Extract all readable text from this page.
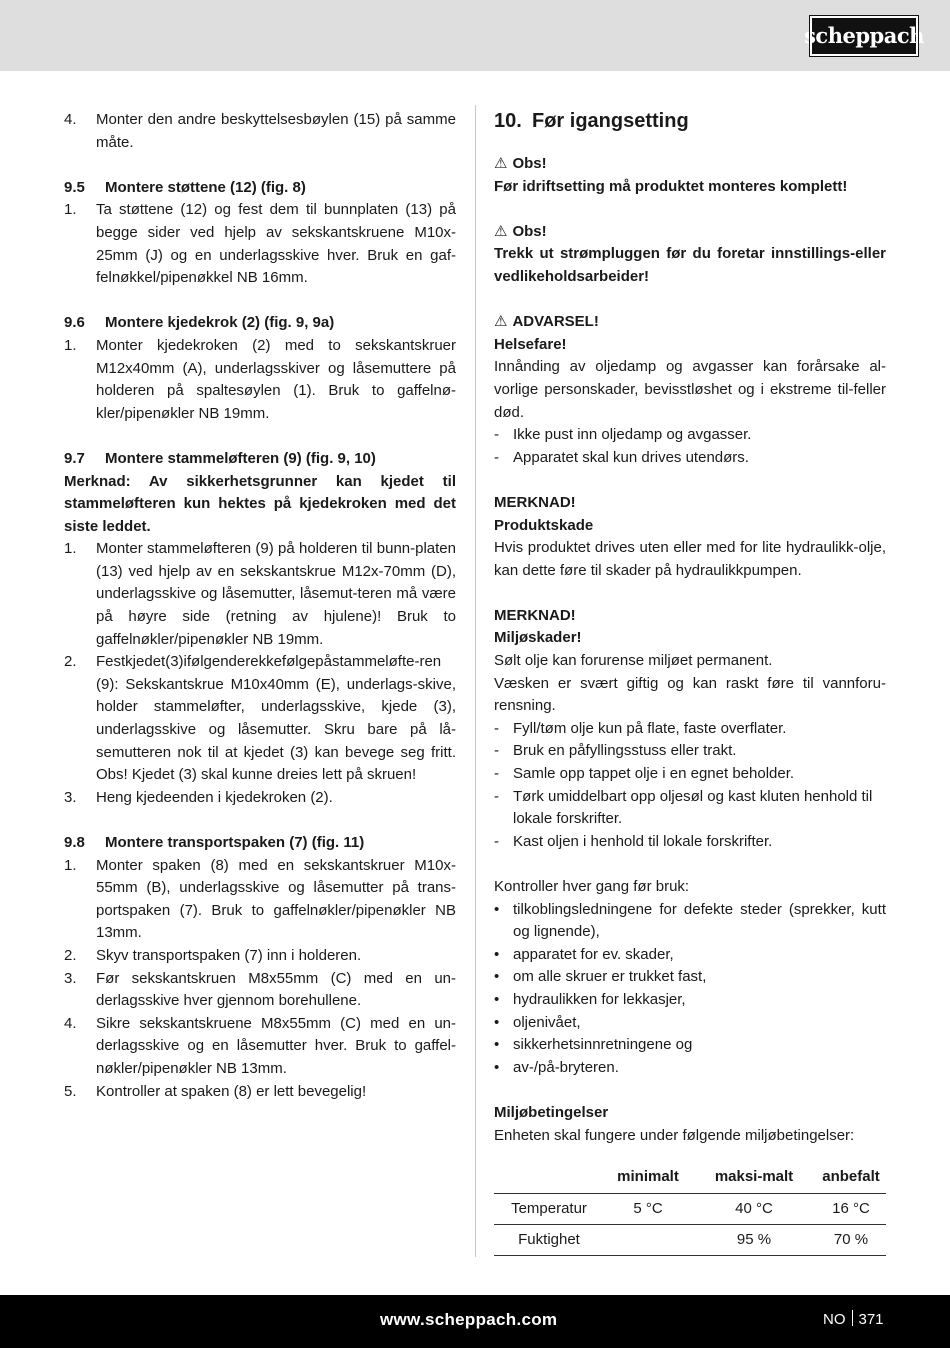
scheppach
4.	Monter den andre beskyttelsesbøylen (15) på samme måte.
9.5	Montere støttene (12) (fig. 8)
1.	Ta støttene (12) og fest dem til bunnplaten (13) på begge sider ved hjelp av sekskantskruene M10x-25mm (J) og en underlagsskive hver. Bruk en gaf-felnøkkel/pipenøkkel NB 16mm.
9.6	Montere kjedekrok (2) (fig. 9, 9a)
1.	Monter kjedekroken (2) med to sekskantskruer M12x40mm (A), underlagsskiver og låsemuttere på holderen på spaltesøylen (1). Bruk to gaffelnø-kler/pipenøkler NB 19mm.
9.7	Montere stammeløfteren (9) (fig. 9, 10)

Merknad: Av sikkerhetsgrunner kan kjedet til stammeløfteren kun hektes på kjedekroken med det siste leddet.

1.	Monter stammeløfteren (9) på holderen til bunn-platen (13) ved hjelp av en sekskantskrue M12x-70mm (D), underlagsskive og låsemutter, låsemut-teren må være på høyre side (retning av hjulene)! Bruk to gaffelnøkler/pipenøkler NB 19mm.
2.	Festkjedet(3)ifølgenderekkefølgepåstammeløfte-ren (9): Sekskantskrue M10x40mm (E), underlags-skive, holder stammeløfter, underlagsskive, kjede (3), underlagsskive og låsemutter. Skru bare på lå-semutteren nok til at kjedet (3) kan bevege seg fritt. Obs! Kjedet (3) skal kunne dreies lett på skruen!
3.	Heng kjedeenden i kjedekroken (2).
9.8	Montere transportspaken (7) (fig. 11)
1.	Monter spaken (8) med en sekskantskruer M10x-55mm (B), underlagsskive og låsemutter på trans-portspaken (7). Bruk to gaffelnøkler/pipenøkler NB 13mm.
2.	Skyv transportspaken (7) inn i holderen.
3.	Før sekskantskruen M8x55mm (C) med en un-derlagsskive hver gjennom borehullene.
4.	Sikre sekskantskruene M8x55mm (C) med en un-derlagsskive og en låsemutter hver. Bruk to gaffel-nøkler/pipenøkler NB 13mm.
5.	Kontroller at spaken (8) er lett bevegelig!
10. Før igangsetting
⚠ Obs!

Før idriftsetting må produktet monteres komplett!

⚠ Obs!

Trekk ut strømpluggen før du foretar innstillings-eller vedlikeholdsarbeider!

⚠ ADVARSEL!

Helsefare!

Innånding av oljedamp og avgasser kan forårsake al-vorlige personskader, bevisstløshet og i ekstreme til-feller død.

- Ikke pust inn oljedamp og avgasser.
- Apparatet skal kun drives utendørs.

MERKNAD!

Produktskade

Hvis produktet drives uten eller med for lite hydraulikk-olje, kan dette føre til skader på hydraulikkpumpen.

MERKNAD!

Miljøskader!

Sølt olje kan forurense miljøet permanent.

Væsken er svært giftig og kan raskt føre til vannforu-rensning.

- Fyll/tøm olje kun på flate, faste overflater.
- Bruk en påfyllingsstuss eller trakt.
- Samle opp tappet olje i en egnet beholder.
- Tørk umiddelbart opp oljesøl og kast kluten henhold til lokale forskrifter.
- Kast oljen i henhold til lokale forskrifter.

Kontroller hver gang før bruk:

• tilkoblingsledningene for defekte steder (sprekker, kutt og lignende),
• apparatet for ev. skader,
• om alle skruer er trukket fast,
• hydraulikken for lekkasjer,
• oljenivået,
• sikkerhetsinnretningene og
• av-/på-bryteren.

Miljøbetingelser

Enheten skal fungere under følgende miljøbetingelser:

	minimalt	maksi-malt	anbefalt
Temperatur	5 °C	40 °C	16 °C
Fuktighet		95 %	70 %
www.scheppach.com	NO 371
